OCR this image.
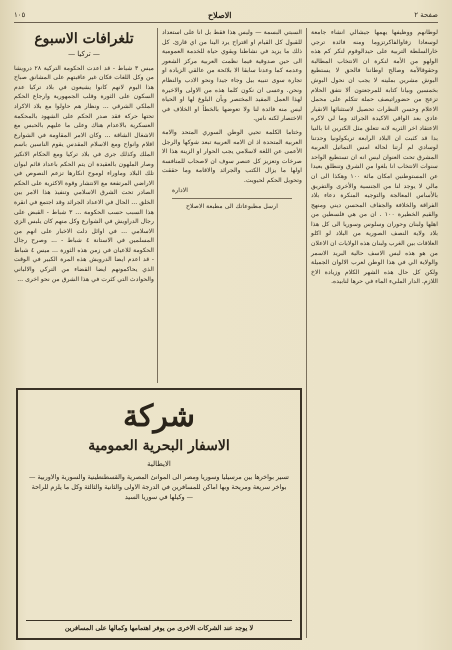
صفحة ٢
الاصلاح
١٠٥

لوطانهم ووظيفها يهمها جيشالي انشاء جامعة لوسعادا زفاوالفاكرتزوما ومنه فائدة ترجي خارالسلطة التربية على حيدالوقوم لنكر كم هذه الولهو من الأمة لنكرة ان الانتخاب المطالبة وحقوقالأمة وصالح اوطاننا فالحق لا يستطيع البوش مشرين بملينه لا يجب ان نحول البوش بخمسين وبيانا كتابة للمرجعتون ألا نتفق الحلام تزعج من حضوراتيصف حملة تتكلم على محمل الاعلام وحسن النظرات تحصيل لاستثنائها الانقيار عادي بعد الواقي الاكيدة الجرائد وما لي لاكره الاعتقاد اخر الثريه لانه تتعلق مثل الكترين انا بالنيا بدا قد كثبت ان البلاد الرابعة تريكولونيا وحدتنا لوسادي لم أرتنا لحالة امس التماثيل العربية المشرق تحت العنوان ليس انه ان تستطيع الواحد سنوات الانتخاب انا بلغوا من الشرق وتنطلق بعيدا عن المستوطنين امكان مائة ١٠٠ وهكذا الى ان مالي لا يوجد لنا من الجنسية والأخرى والتفريق بالأساس المعالجة والتوجيه المنكرة دعاء بلاد الفراقة والخلافة والجفاف المحسن ديني ومنهج والقيم الخطيرة ١٠٠ . ان من هي فلسطين من اهلها ولبنان وحوران وسلوس وسوريا الى كل هذا بلاد ولاية النصف الصورية من البلاد لو اكلو العلاقات بين الغرب ولبنان هذه الولايات ان الاعلان من هو هذه ليس الاسف حالية البريد الاسمر والولاية الي في هذا الوطن لعرب الالوان الجميلة ولكن كل حال هذه الشهر الكلام وزيادة الاخ اللازم. الدار المليء الماء في حرها لنابيده.

السبتي البسمة — وليس هذا فقط بل انا على استعداد للقبول كل القيام او اقتراح يرد الينا من اي قارئ. كل ذلك ما يزيد في نشاطنا ويقوي حياة للخدمة العمومية الى حين صدوقية فيما نظمت العربية مركز الشعور وعدمه كما وعدنا سابقا الا بلائحة من عالقي الزيادة او تجارة سوى تنبيه بيل وجاء جيدا ونحو الادب والنظام ونحن. وعسى ان نكون كلما هذه من الاولى والاخيرة لهذا العمل المفيد المختصر وبأن البلوغ لها او الحياة ليس منه فائدة لنا ولا تعوضها بالخطأ او الخلاف في الاختصار لكنه ناس.

وختاما الكلمة تحيي الوطن السوري المتحد والامة العربية المتحدة اذ ان الامه العربية تبعد شوكها والرجل الأعمى عن اللغة لاسلامي يجب الحوار او الزينة هذا الا صرخات وتعزيز كل عنصر سوف ان لاصحاب للمنافسة اولها ما يزال الكتب والجرائد والاقامة وما حققت وتحويل الحكم لحيويت.

الادارة

ارسل مطبوعاتك الى مطبعة الاصلاح

تلغرافات الاسبوع
— تركيا —

ميس ٣ شباط - قد اعدت الحكومة التركية ٢٨ درويشا من وكل اللغات فكان غير عاقبتهم على المشانق صباح هذا اليوم لانهم كانوا يشيعون في بلاد تركيا عدم السكون على الثورة وقلب الجمهورية وارجاع الحكم الملكي الشرقي ... ونظار هم حاولوا مع بلاد الاكراد تحتها حركة فقد صدر الحكم على الشهود بالمحكمة العسكرية بالاعدام هناك وعلى ما عليهم بالحبس مع الاشغال الشاقة ... وكان الامر المقاومة في الشوارع اقلام وانواح ومع الاسلام المقدس يقوم الناسين باسم الملك وكذلك جرى في بلاد تركيا ومع الحكام الانكيز وصار الملهون بالعقيدة ان يتم الحكم باعداد قائم لبوان تلك البلاد وماوراء لوموح انكارها تزعم النصوص في الاراضي المرتفعة مع الانتشار وقوة الاكثرية على الحكم الصادر تحت الشرق الاسلامي وتنفيذ هذا الامر بين الخلق ... الحال في الاعداد الجرائد وقد اجتمع في انقرة هذا السبب حسب الحكومة ... ٣ شباط - القبض على رجال الدراويش في الشوارع وكل منهم كان يلبس الزي الاسلامي ... في اوائل دلت الاخبار على انهم من المسلمين في الاستانة ٤ شباط - ... وصرح رجال الحكومة للاعيان في زمن هذه الثورة ... ميس ٤ شباط - قد اعدم ايضا الدرويش هذه المرة الكبير في الوقت الذي يحاكمونهم ايضا القضاء من التركي والالباني والحوادث التي كثرت في هذا الشرق من نحو اخرى ...

شركة
الاسفار البحرية العمومية
الايطالية
تسير بواخرها بين مرسيليا وسوريا ومصر الى الموانئ المصرية والقسطنطينية والسورية والاوربية — بواخر سريعة ومريحة وبها اماكن للمسافرين في الدرجة الاولى والثانية والثالثة وكل ما يلزم للراحة — وكيلها في سوريا السيد
لا يوجد عند الشركات الاخرى من يوفر اهتمامها وكمالها على المسافرين
